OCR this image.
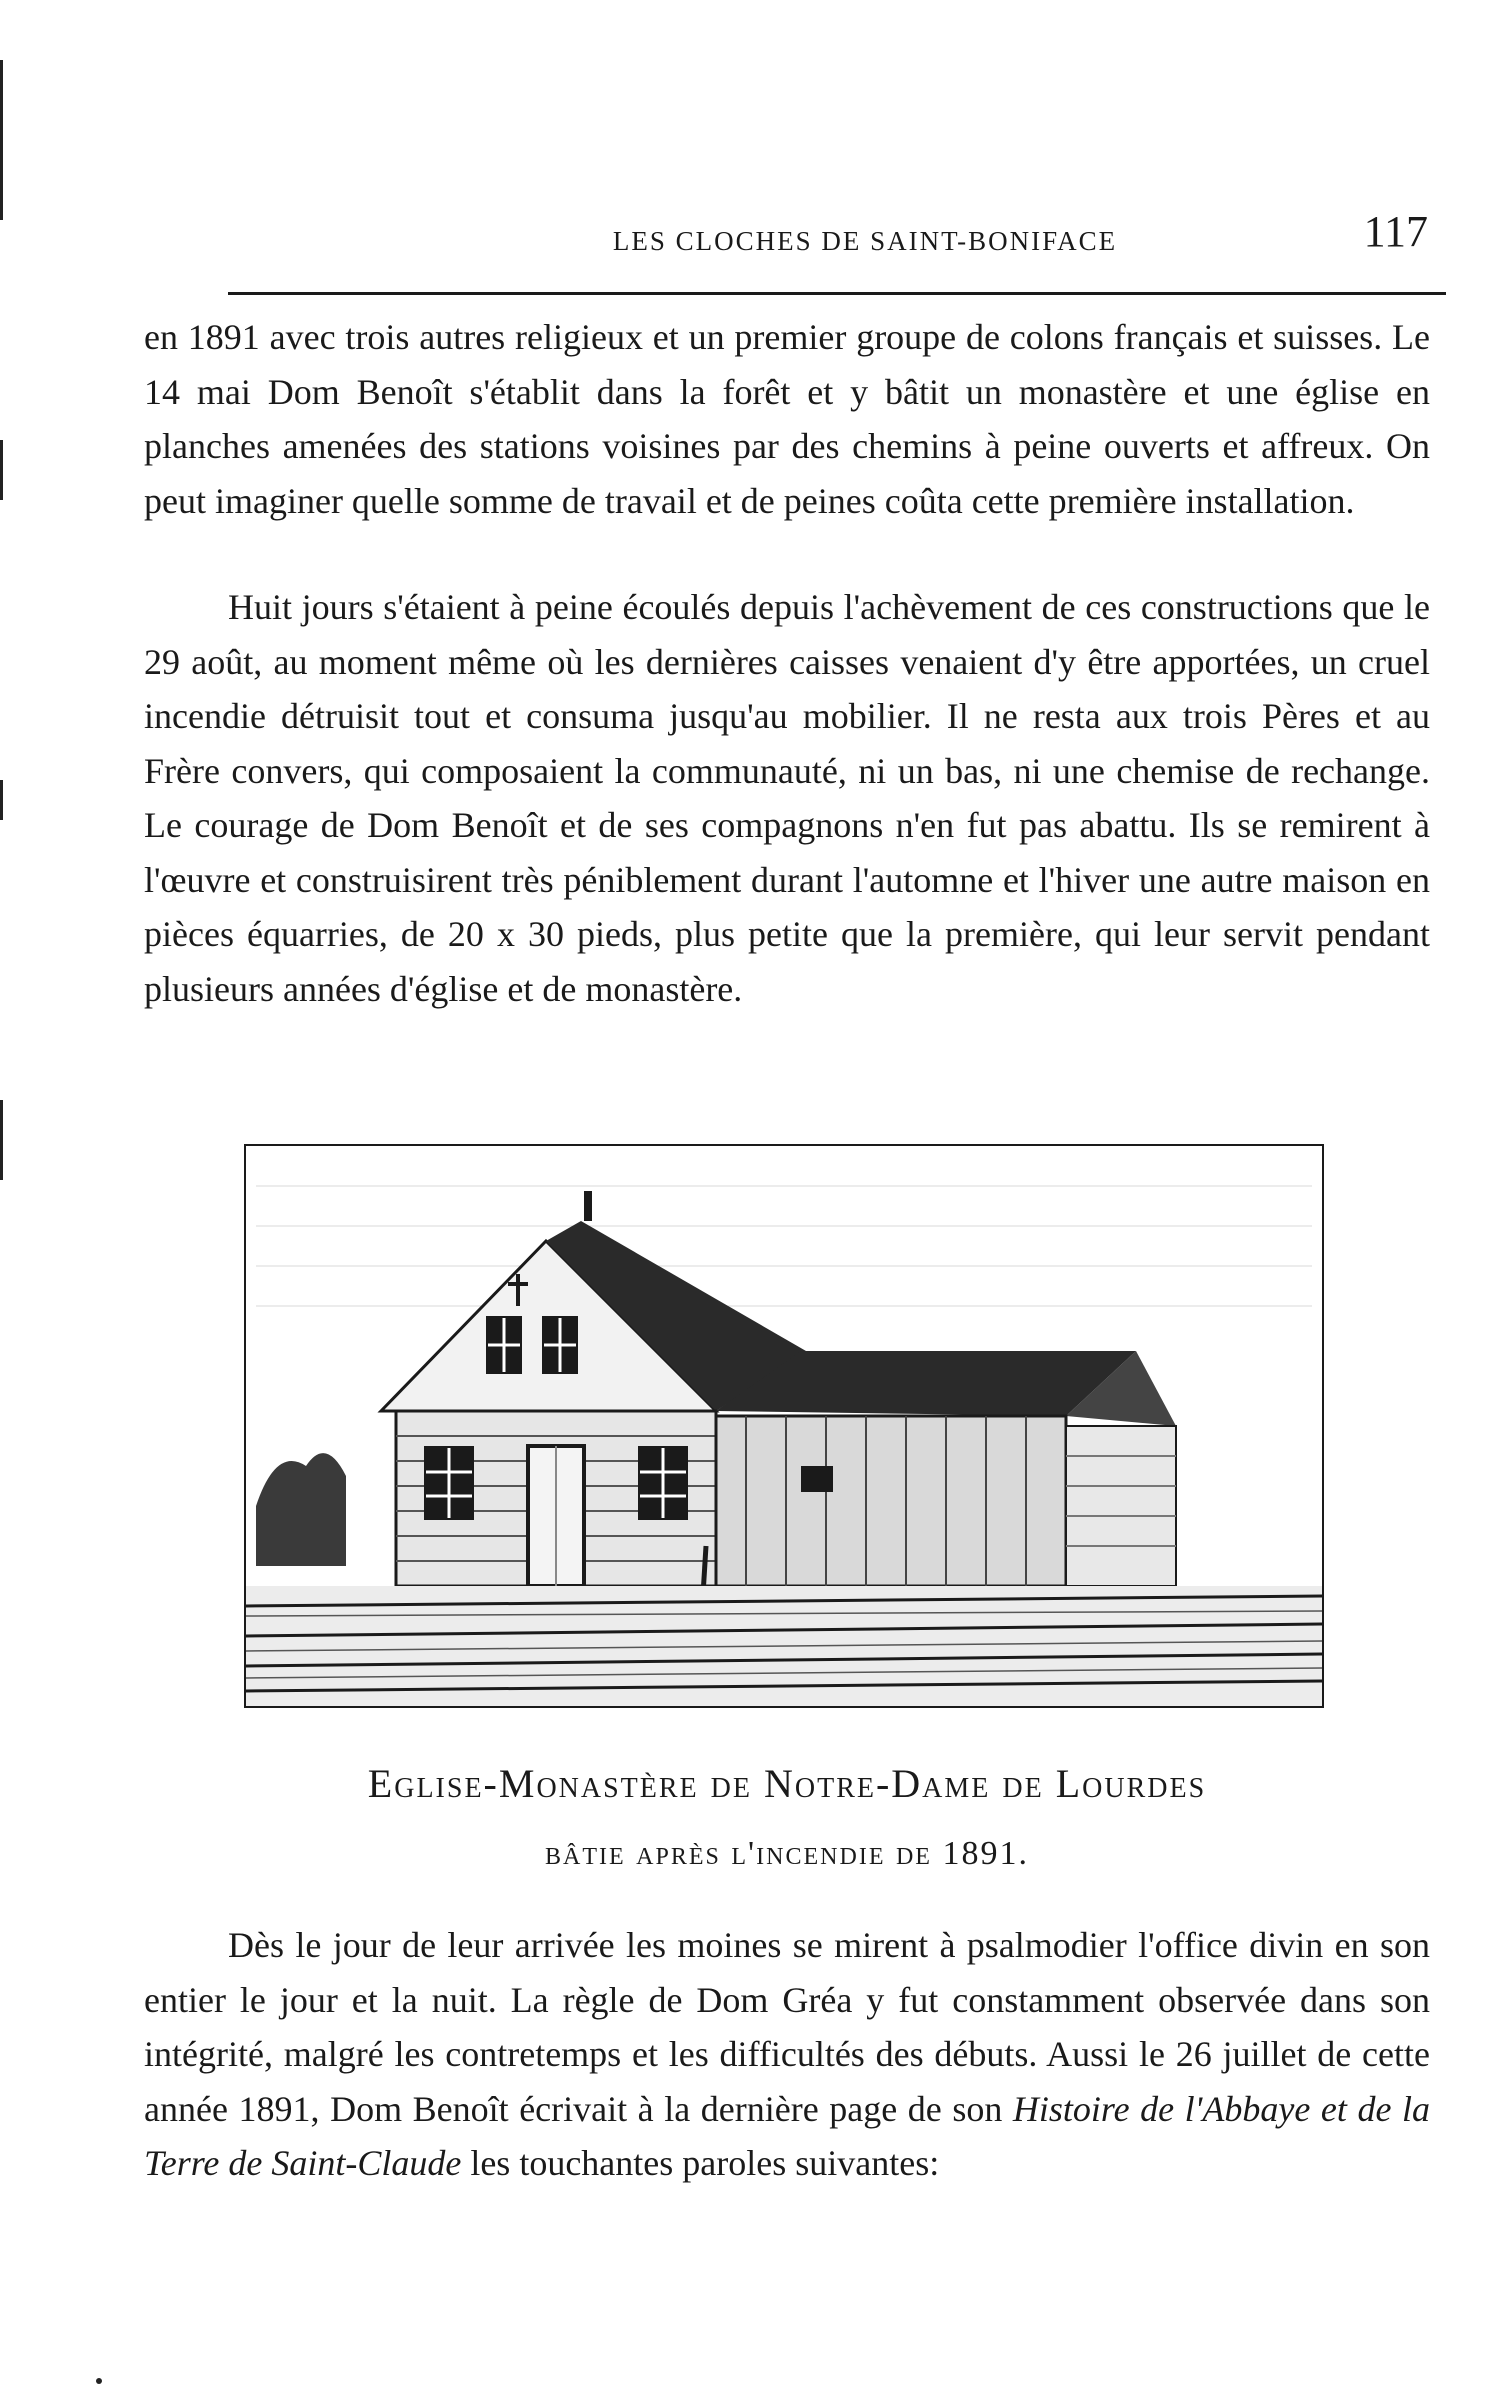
LES CLOCHES DE SAINT-BONIFACE	117

en 1891 avec trois autres religieux et un premier groupe de colons français et suisses. Le 14 mai Dom Benoît s'établit dans la forêt et y bâtit un monastère et une église en planches amenées des stations voisines par des chemins à peine ouverts et affreux. On peut imaginer quelle somme de travail et de peines coûta cette première installation.

Huit jours s'étaient à peine écoulés depuis l'achèvement de ces constructions que le 29 août, au moment même où les dernières caisses venaient d'y être apportées, un cruel incendie détruisit tout et consuma jusqu'au mobilier. Il ne resta aux trois Pères et au Frère convers, qui composaient la communauté, ni un bas, ni une chemise de rechange. Le courage de Dom Benoît et de ses compagnons n'en fut pas abattu. Ils se remirent à l'œuvre et construisirent très péniblement durant l'automne et l'hiver une autre maison en pièces équarries, de 20 x 30 pieds, plus petite que la première, qui leur servit pendant plusieurs années d'église et de monastère.

Eglise-Monastère de Notre-Dame de Lourdes
bâtie après l'incendie de 1891.

Dès le jour de leur arrivée les moines se mirent à psalmodier l'office divin en son entier le jour et la nuit. La règle de Dom Gréa y fut constamment observée dans son intégrité, malgré les contretemps et les difficultés des débuts. Aussi le 26 juillet de cette année 1891, Dom Benoît écrivait à la dernière page de son Histoire de l'Abbaye et de la Terre de Saint-Claude les touchantes paroles suivantes:
